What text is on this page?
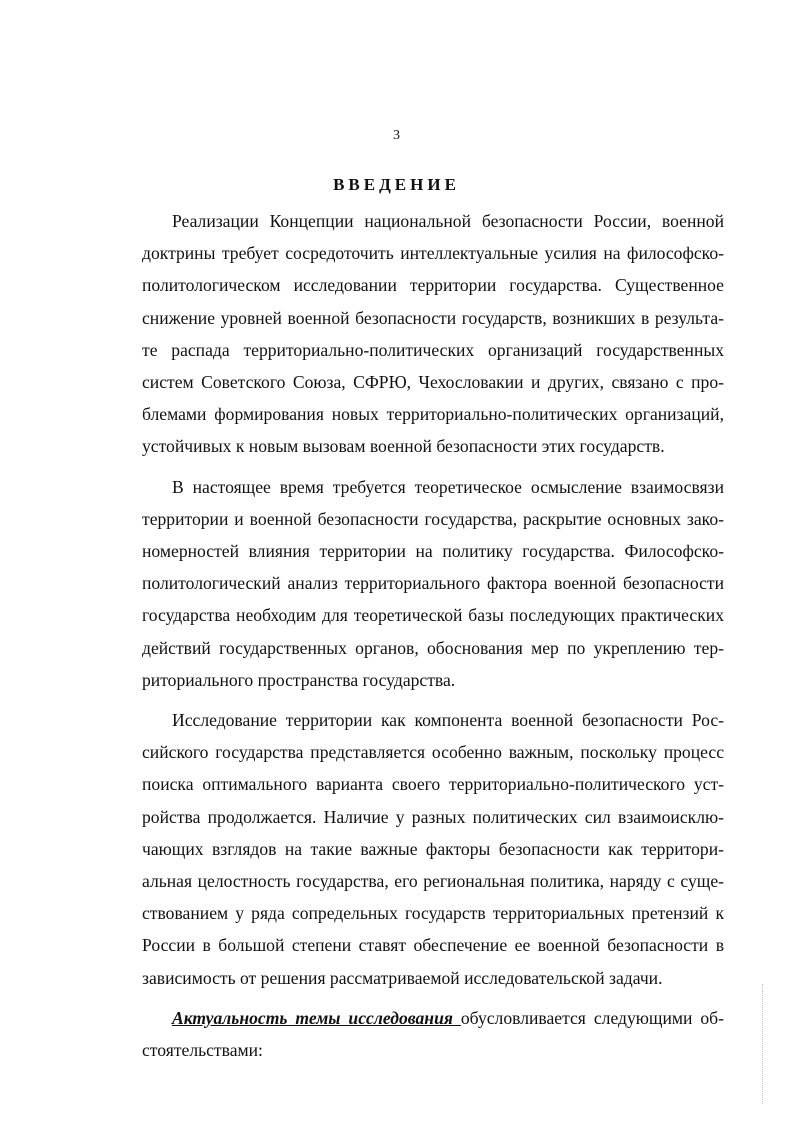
3
ВВЕДЕНИЕ

Реализации Концепции национальной безопасности России, военной
доктрины требует сосредоточить интеллектуальные усилия на философско-
политологическом исследовании территории государства. Существенное
снижение уровней военной безопасности государств, возникших в результа-
те распада территориально-политических организаций государственных
систем Советского Союза, СФРЮ, Чехословакии и других, связано с про-
блемами формирования новых территориально-политических организаций,
устойчивых к новым вызовам военной безопасности этих государств.

В настоящее время требуется теоретическое осмысление взаимосвязи
территории и военной безопасности государства, раскрытие основных зако-
номерностей влияния территории на политику государства. Философско-
политологический анализ территориального фактора военной безопасности
государства необходим для теоретической базы последующих практических
действий государственных органов, обоснования мер по укреплению тер-
риториального пространства государства.

Исследование территории как компонента военной безопасности Рос-
сийского государства представляется особенно важным, поскольку процесс
поиска оптимального варианта своего территориально-политического уст-
ройства продолжается. Наличие у разных политических сил взаимоисклю-
чающих взглядов на такие важные факторы безопасности как территори-
альная целостность государства, его региональная политика, наряду с суще-
ствованием у ряда сопредельных государств территориальных претензий к
России в большой степени ставят обеспечение ее военной безопасности в
зависимость от решения рассматриваемой исследовательской задачи.

Актуальность темы исследования обусловливается следующими об-
стоятельствами:
